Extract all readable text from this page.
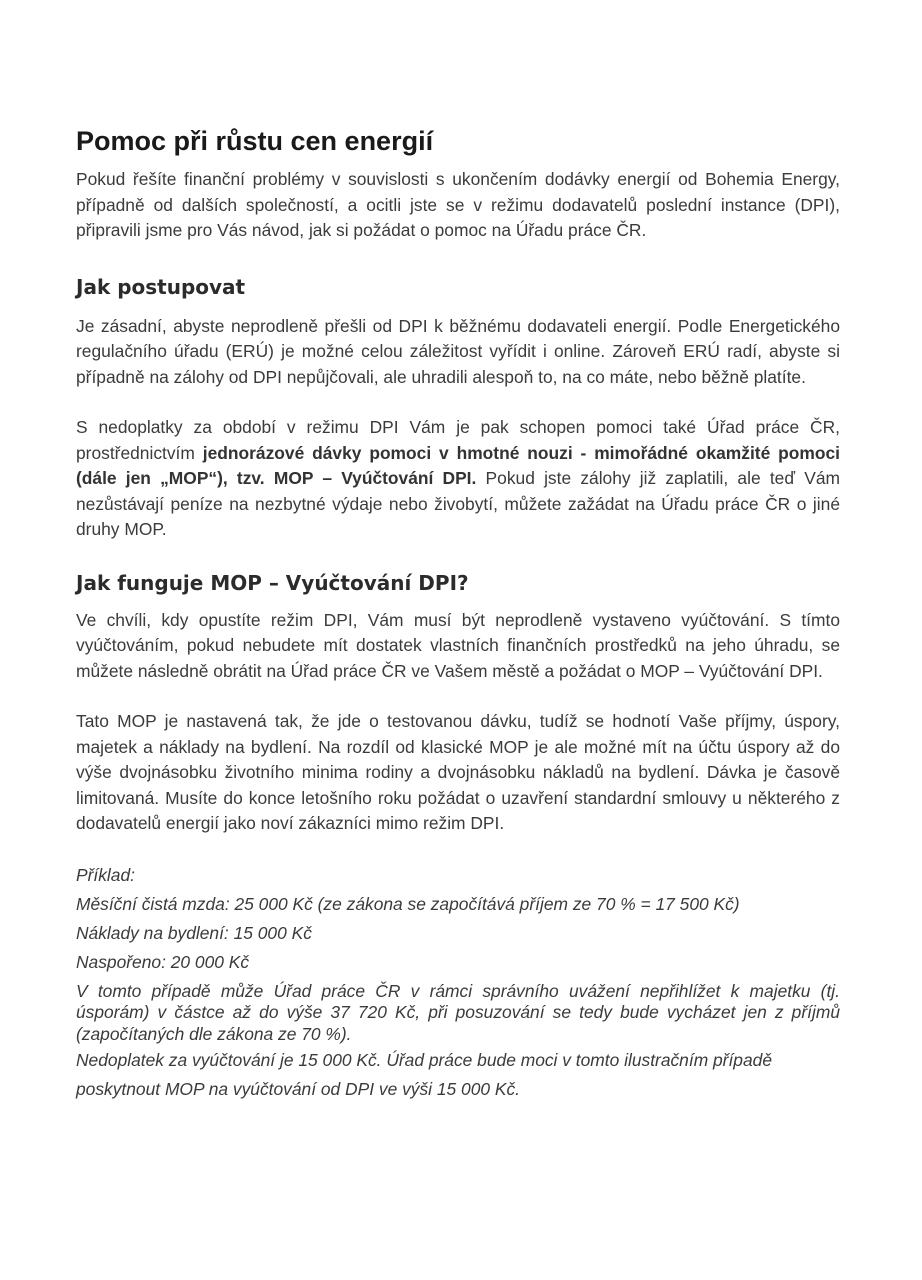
Pomoc při růstu cen energií

Pokud řešíte finanční problémy v souvislosti s ukončením dodávky energií od Bohemia Energy, případně od dalších společností, a ocitli jste se v režimu dodavatelů poslední instance (DPI), připravili jsme pro Vás návod, jak si požádat o pomoc na Úřadu práce ČR.

Jak postupovat

Je zásadní, abyste neprodleně přešli od DPI k běžnému dodavateli energií. Podle Energetického regulačního úřadu (ERÚ) je možné celou záležitost vyřídit i online. Zároveň ERÚ radí, abyste si případně na zálohy od DPI nepůjčovali, ale uhradili alespoň to, na co máte, nebo běžně platíte.

S nedoplatky za období v režimu DPI Vám je pak schopen pomoci také Úřad práce ČR, prostřednictvím jednorázové dávky pomoci v hmotné nouzi - mimořádné okamžité pomoci (dále jen „MOP“), tzv. MOP – Vyúčtování DPI. Pokud jste zálohy již zaplatili, ale teď Vám nezůstávají peníze na nezbytné výdaje nebo živobytí, můžete zažádat na Úřadu práce ČR o jiné druhy MOP.

Jak funguje MOP – Vyúčtování DPI?

Ve chvíli, kdy opustíte režim DPI, Vám musí být neprodleně vystaveno vyúčtování. S tímto vyúčtováním, pokud nebudete mít dostatek vlastních finančních prostředků na jeho úhradu, se můžete následně obrátit na Úřad práce ČR ve Vašem městě a požádat o MOP – Vyúčtování DPI.

Tato MOP je nastavená tak, že jde o testovanou dávku, tudíž se hodnotí Vaše příjmy, úspory, majetek a náklady na bydlení. Na rozdíl od klasické MOP je ale možné mít na účtu úspory až do výše dvojnásobku životního minima rodiny a dvojnásobku nákladů na bydlení. Dávka je časově limitovaná. Musíte do konce letošního roku požádat o uzavření standardní smlouvy u některého z dodavatelů energií jako noví zákazníci mimo režim DPI.

Příklad:
Měsíční čistá mzda: 25 000 Kč (ze zákona se započítává příjem ze 70 % = 17 500 Kč)
Náklady na bydlení: 15 000 Kč
Naspořeno: 20 000 Kč
V tomto případě může Úřad práce ČR v rámci správního uvážení nepřihlížet k majetku (tj. úsporám) v částce až do výše 37 720 Kč, při posuzování se tedy bude vycházet jen z příjmů (započítaných dle zákona ze 70 %).
Nedoplatek za vyúčtování je 15 000 Kč. Úřad práce bude moci v tomto ilustračním případě poskytnout MOP na vyúčtování od DPI ve výši 15 000 Kč.
